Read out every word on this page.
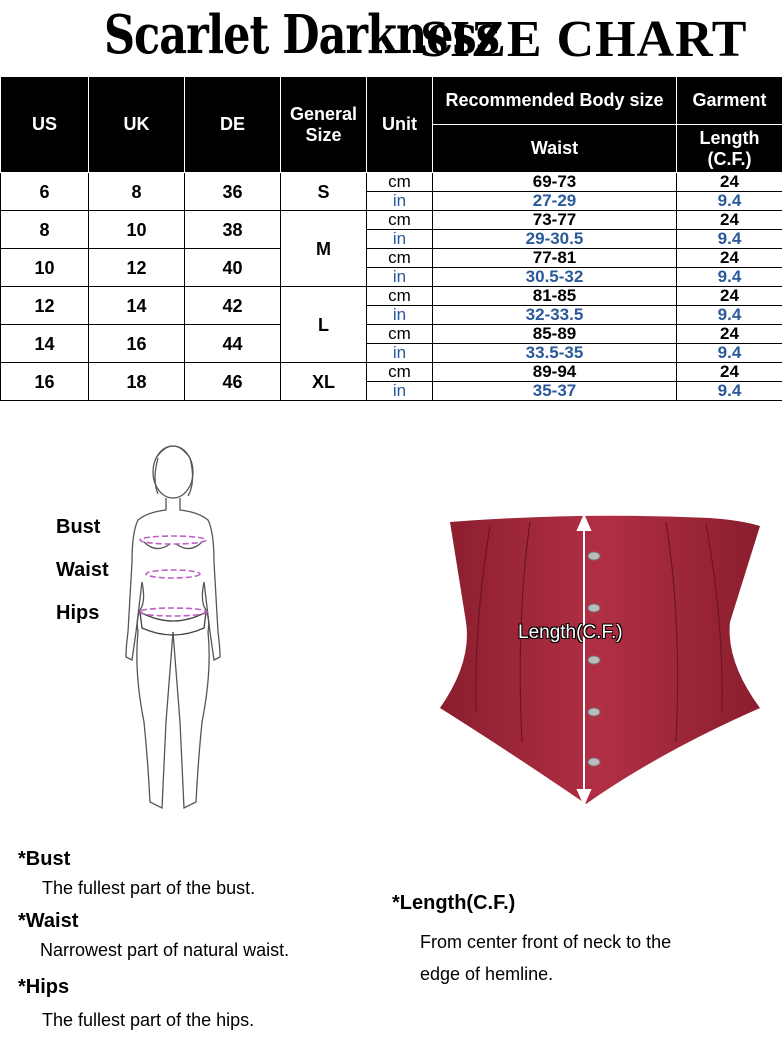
Scarlet Darkness
SIZE CHART
US	UK	DE	General Size	Unit	Recommended Body size	Garment
					Waist	Length (C.F.)
6	8	36	S	cm	69-73	24
				in	27-29	9.4
8	10	38	M	cm	73-77	24
				in	29-30.5	9.4
10	12	40		cm	77-81	24
				in	30.5-32	9.4
12	14	42	L	cm	81-85	24
				in	32-33.5	9.4
14	16	44		cm	85-89	24
				in	33.5-35	9.4
16	18	46	XL	cm	89-94	24
				in	35-37	9.4
Bust
Waist
Hips
Length(C.F.)
*Bust
The fullest part of the bust.
*Waist
Narrowest part of natural waist.
*Hips
The fullest part of the hips.
*Length(C.F.)
From center front of neck to the
edge of hemline.
